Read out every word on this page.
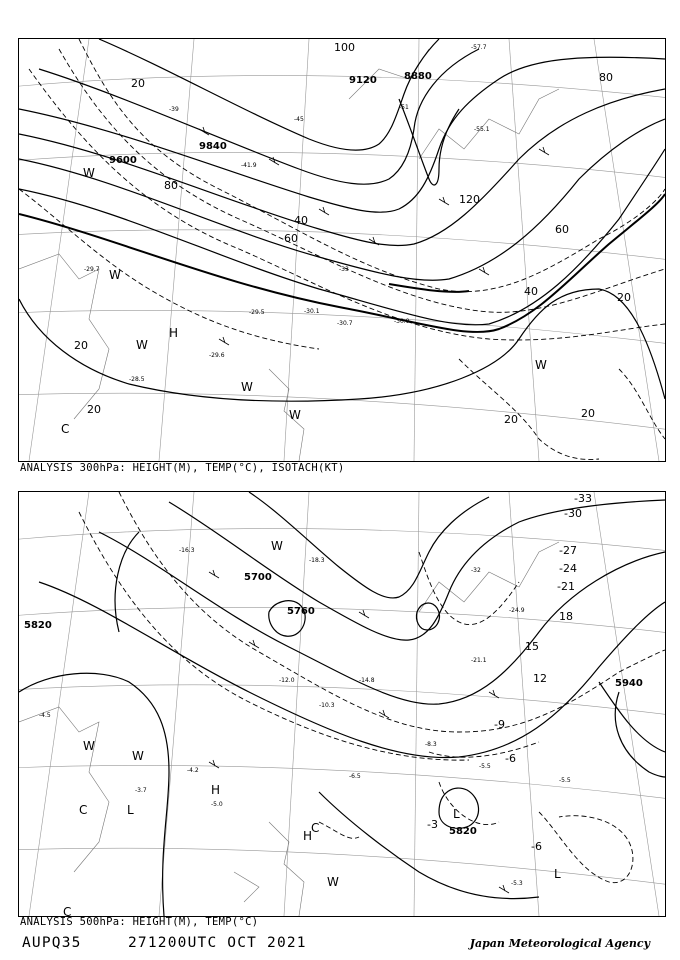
9600
9840
8880
9120
20
40
60
80
100
120
80
60
40
20
20
20
20	20
-39
-41.9
-45
-51
-55.1
-57.7
-29.7
-30.9
-30.7
-33
-28.5
-29.6
-29.5	-30.1
W
W
W
W
W
H
C
W
ANALYSIS 300hPa: HEIGHT(M), TEMP(°C), ISOTACH(KT)
5700
5760
5820
5940
5820
-33
-30
-27
-24
-21
18
15
12
-9
-6
-3
-6
-32
-24.9
-21.1
-18.3
-16.3
-14.8
-12.0
-10.3
-8.3
-6.5
-5.5
-5.3
-5.0
-4.2
-3.7
-4.5
-5.5
W
W
W
W
C	L
H
L
H
L
C
C
ANALYSIS 500hPa: HEIGHT(M), TEMP(°C)
AUPQ35	271200UTC OCT 2021	Japan Meteorological Agency
